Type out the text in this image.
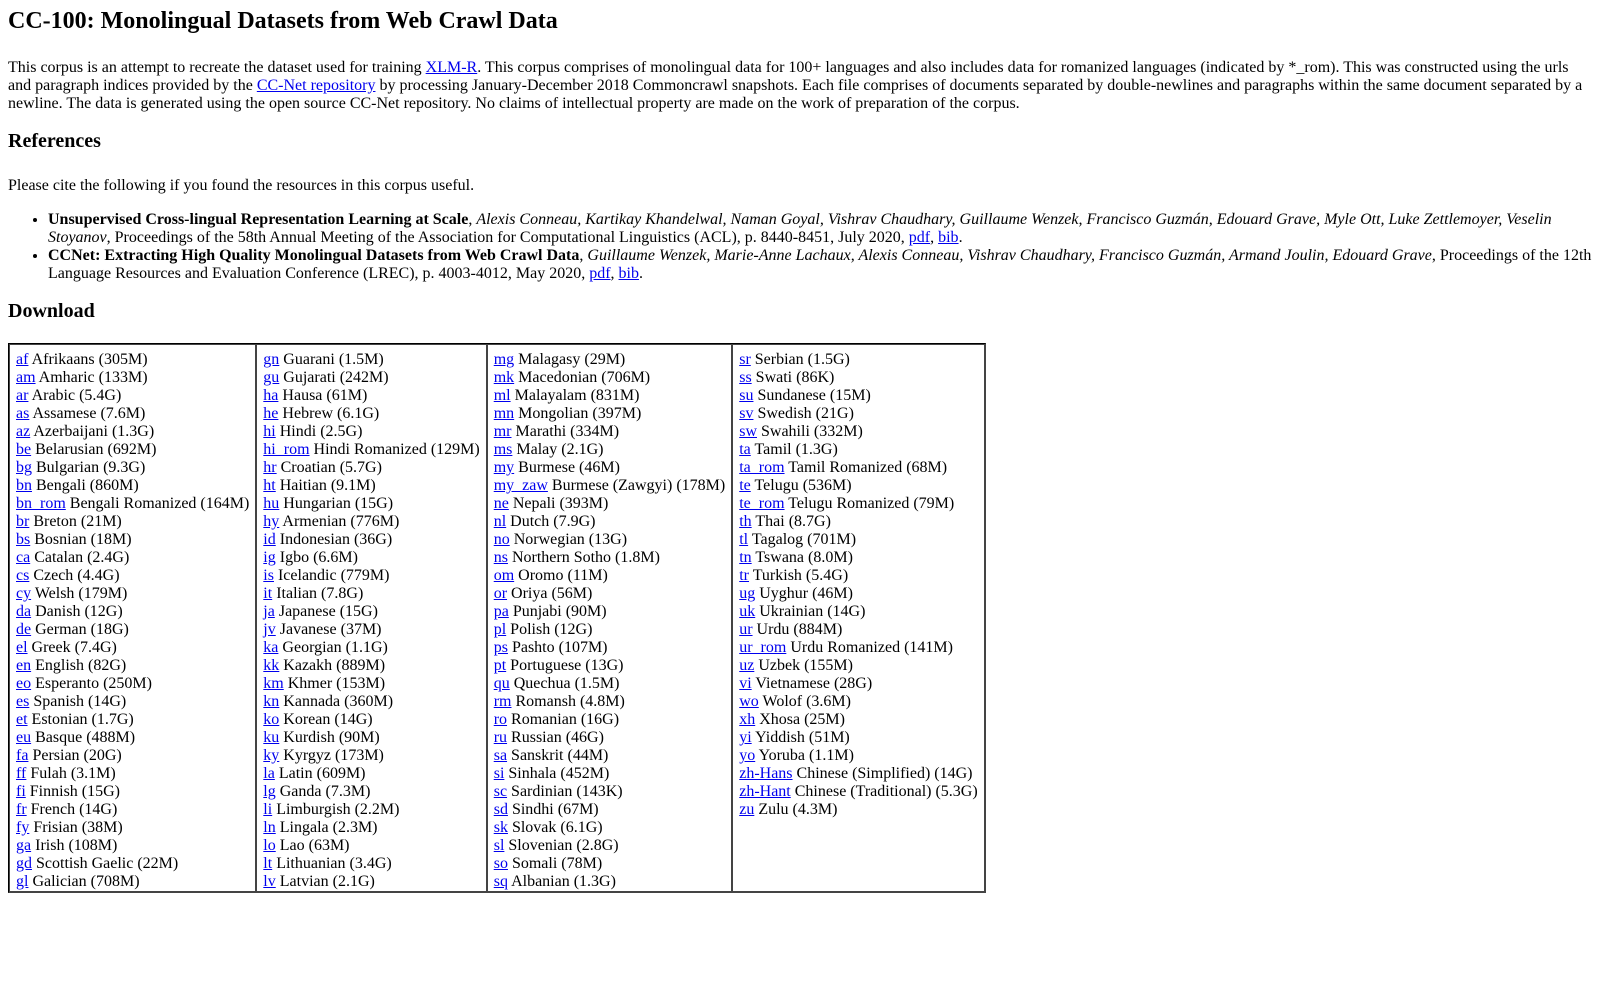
CC-100: Monolingual Datasets from Web Crawl Data

This corpus is an attempt to recreate the dataset used for training XLM-R. This corpus comprises of monolingual data for 100+ languages and also includes data for romanized languages (indicated by *_rom). This was constructed using the urls and paragraph indices provided by the CC-Net repository by processing January-December 2018 Commoncrawl snapshots. Each file comprises of documents separated by double-newlines and paragraphs within the same document separated by a newline. The data is generated using the open source CC-Net repository. No claims of intellectual property are made on the work of preparation of the corpus.

References

Please cite the following if you found the resources in this corpus useful.

• Unsupervised Cross-lingual Representation Learning at Scale, Alexis Conneau, Kartikay Khandelwal, Naman Goyal, Vishrav Chaudhary, Guillaume Wenzek, Francisco Guzmán, Edouard Grave, Myle Ott, Luke Zettlemoyer, Veselin Stoyanov, Proceedings of the 58th Annual Meeting of the Association for Computational Linguistics (ACL), p. 8440-8451, July 2020, pdf, bib.
• CCNet: Extracting High Quality Monolingual Datasets from Web Crawl Data, Guillaume Wenzek, Marie-Anne Lachaux, Alexis Conneau, Vishrav Chaudhary, Francisco Guzmán, Armand Joulin, Edouard Grave, Proceedings of the 12th Language Resources and Evaluation Conference (LREC), p. 4003-4012, May 2020, pdf, bib.
Download
af Afrikaans (305M)
am Amharic (133M)
ar Arabic (5.4G)
as Assamese (7.6M)
az Azerbaijani (1.3G)
be Belarusian (692M)
bg Bulgarian (9.3G)
bn Bengali (860M)
bn_rom Bengali Romanized (164M)
br Breton (21M)
bs Bosnian (18M)
ca Catalan (2.4G)
cs Czech (4.4G)
cy Welsh (179M)
da Danish (12G)
de German (18G)
el Greek (7.4G)
en English (82G)
eo Esperanto (250M)
es Spanish (14G)
et Estonian (1.7G)
eu Basque (488M)
fa Persian (20G)
ff Fulah (3.1M)
fi Finnish (15G)
fr French (14G)
fy Frisian (38M)
ga Irish (108M)
gd Scottish Gaelic (22M)
gl Galician (708M)

gn Guarani (1.5M)
gu Gujarati (242M)
ha Hausa (61M)
he Hebrew (6.1G)
hi Hindi (2.5G)
hi_rom Hindi Romanized (129M)
hr Croatian (5.7G)
ht Haitian (9.1M)
hu Hungarian (15G)
hy Armenian (776M)
id Indonesian (36G)
ig Igbo (6.6M)
is Icelandic (779M)
it Italian (7.8G)
ja Japanese (15G)
jv Javanese (37M)
ka Georgian (1.1G)
kk Kazakh (889M)
km Khmer (153M)
kn Kannada (360M)
ko Korean (14G)
ku Kurdish (90M)
ky Kyrgyz (173M)
la Latin (609M)
lg Ganda (7.3M)
li Limburgish (2.2M)
ln Lingala (2.3M)
lo Lao (63M)
lt Lithuanian (3.4G)
lv Latvian (2.1G)

mg Malagasy (29M)
mk Macedonian (706M)
ml Malayalam (831M)
mn Mongolian (397M)
mr Marathi (334M)
ms Malay (2.1G)
my Burmese (46M)
my_zaw Burmese (Zawgyi) (178M)
ne Nepali (393M)
nl Dutch (7.9G)
no Norwegian (13G)
ns Northern Sotho (1.8M)
om Oromo (11M)
or Oriya (56M)
pa Punjabi (90M)
pl Polish (12G)
ps Pashto (107M)
pt Portuguese (13G)
qu Quechua (1.5M)
rm Romansh (4.8M)
ro Romanian (16G)
ru Russian (46G)
sa Sanskrit (44M)
si Sinhala (452M)
sc Sardinian (143K)
sd Sindhi (67M)
sk Slovak (6.1G)
sl Slovenian (2.8G)
so Somali (78M)
sq Albanian (1.3G)

sr Serbian (1.5G)
ss Swati (86K)
su Sundanese (15M)
sv Swedish (21G)
sw Swahili (332M)
ta Tamil (1.3G)
ta_rom Tamil Romanized (68M)
te Telugu (536M)
te_rom Telugu Romanized (79M)
th Thai (8.7G)
tl Tagalog (701M)
tn Tswana (8.0M)
tr Turkish (5.4G)
ug Uyghur (46M)
uk Ukrainian (14G)
ur Urdu (884M)
ur_rom Urdu Romanized (141M)
uz Uzbek (155M)
vi Vietnamese (28G)
wo Wolof (3.6M)
xh Xhosa (25M)
yi Yiddish (51M)
yo Yoruba (1.1M)
zh-Hans Chinese (Simplified) (14G)
zh-Hant Chinese (Traditional) (5.3G)
zu Zulu (4.3M)
